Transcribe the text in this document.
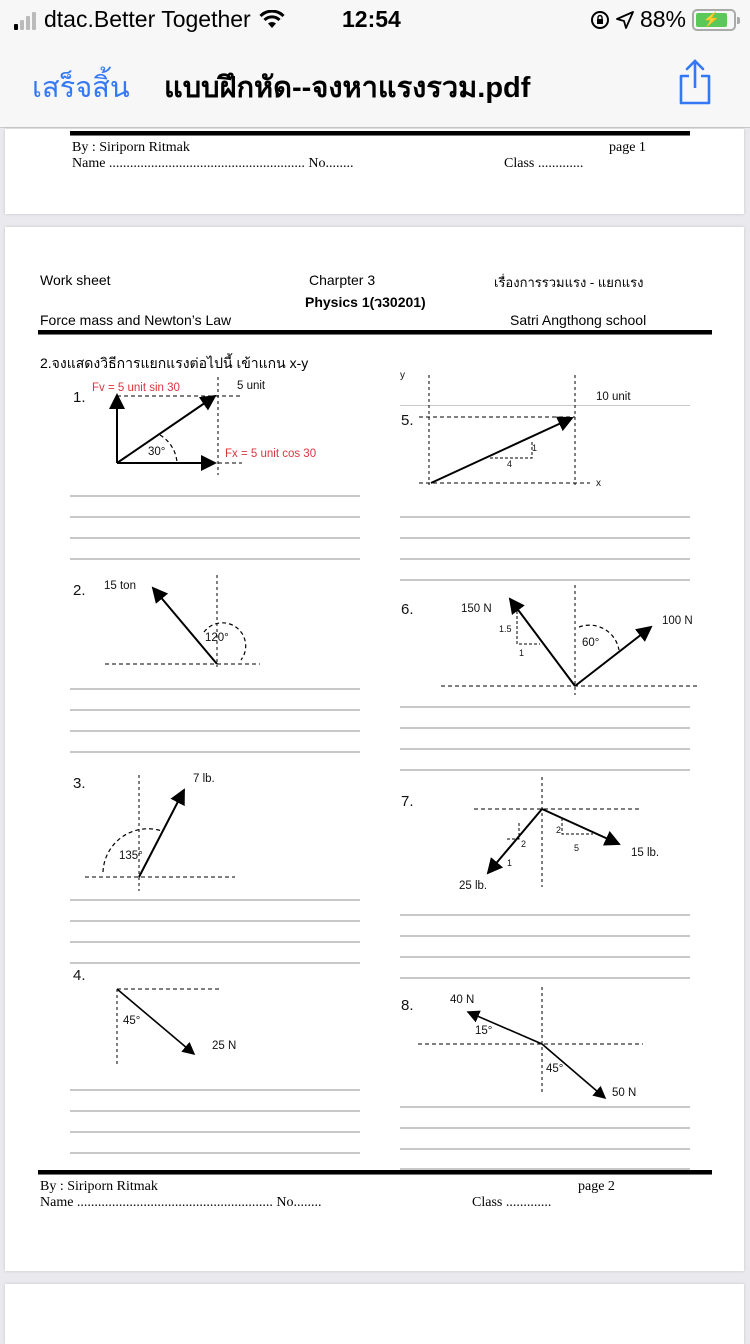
dtac.Better Together	12:54	88%	⚡
เสร็จสิ้น แบบฝึกหัด--จงหาแรงรวม.pdf
By : Siriporn Ritmak	page 1
Name ........................................................ No........	Class .............
Work sheet	Charpter 3	เรื่องการรวมแรง - แยกแรง
Physics 1(ว30201)
Force mass and Newton’s Law	Satri Angthong school
2.จงแสดงวิธีการแยกแรงต่อไปนี้ เข้าแกน x-y
1.
Fv = 5 unit sin 30	5 unit
Fx = 5 unit cos 30
30°
5.
y
x
10 unit
1
4
2. 15 ton
120°
6.	150 N
100 N
1.5
1
60°
3.	7 lb.
135°
7.
25 lb.
15 lb.
2
1
2
5
4.
45°
25 N
8.	40 N
50 N
15°
45°
By : Siriporn Ritmak	page 2
Name ........................................................ No........	Class .............
